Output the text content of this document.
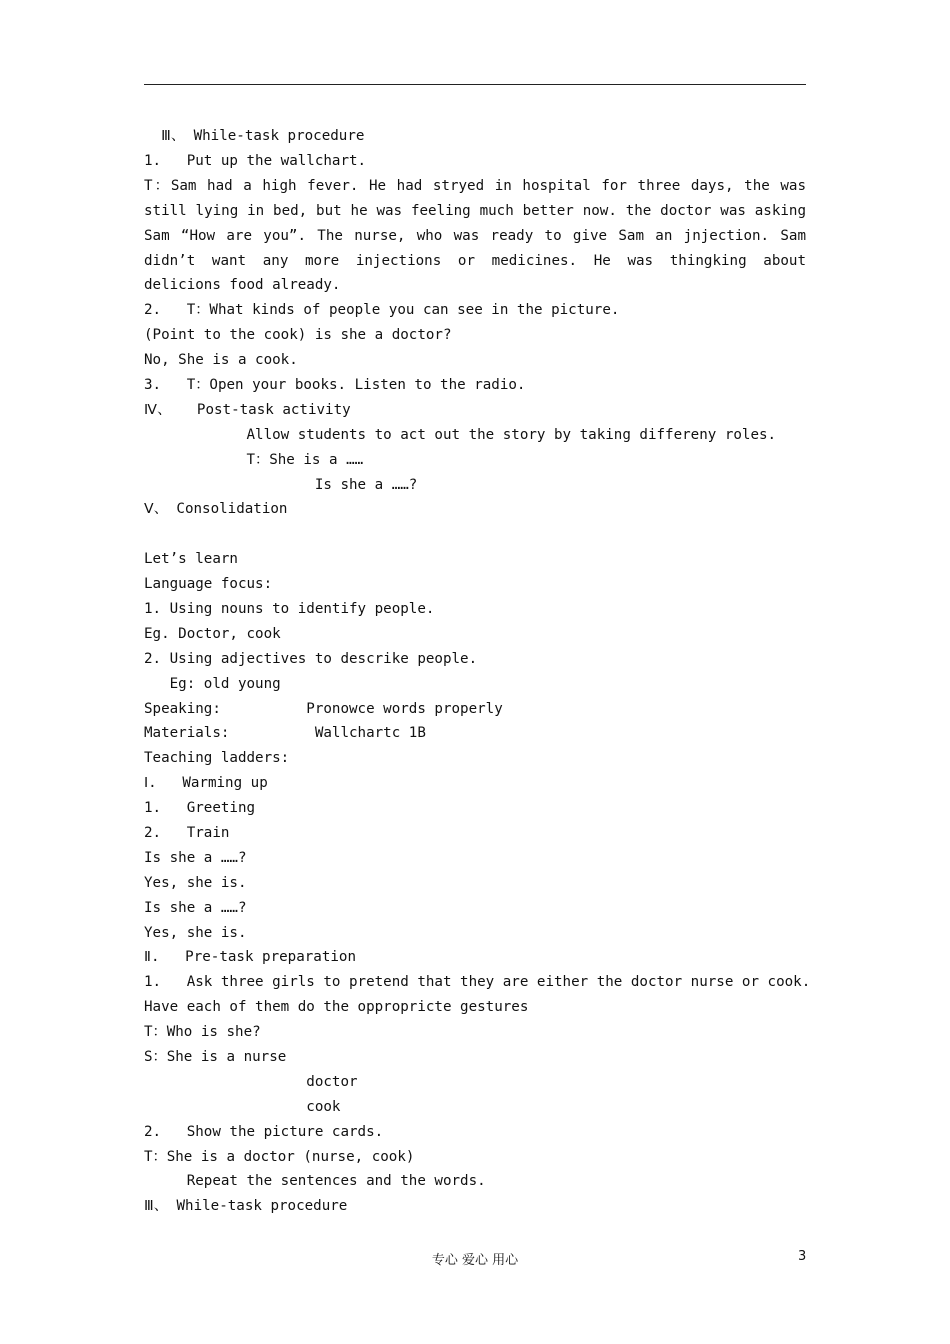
Ⅲ、 While-task procedure
1.   Put up the wallchart.
T：Sam had a high fever. He had stryed in hospital for three days, the was still lying in bed, but he was feeling much better now. the doctor was asking Sam “How are you”. The nurse, who was ready to give Sam an jnjection. Sam didn’t want any more injections or medicines. He was thingking about delicions food already.
2.   T：What kinds of people you can see in the picture.
(Point to the cook) is she a doctor?
No, She is a cook.
3.   T：Open your books. Listen to the radio.
Ⅳ、   Post-task activity
Allow students to act out the story by taking differeny roles.
T：She is a ……
Is she a ……?
Ⅴ、 Consolidation
Let’s learn
Language focus:
1. Using nouns to identify people.
Eg. Doctor, cook
2. Using adjectives to descrike people.
Eg: old young
Speaking:          Pronowce words properly
Materials:          Wallchartc 1B
Teaching ladders:
Ⅰ.   Warming up
1.   Greeting
2.   Train
Is she a ……?
Yes, she is.
Is she a ……?
Yes, she is.
Ⅱ.   Pre-task preparation
1.   Ask three girls to pretend that they are either the doctor nurse or cook.
Have each of them do the oppropricte gestures
T：Who is she?
S：She is a nurse
doctor
cook
2.   Show the picture cards.
T：She is a doctor (nurse, cook)
Repeat the sentences and the words.
Ⅲ、 While-task procedure
专心 爱心 用心	3
